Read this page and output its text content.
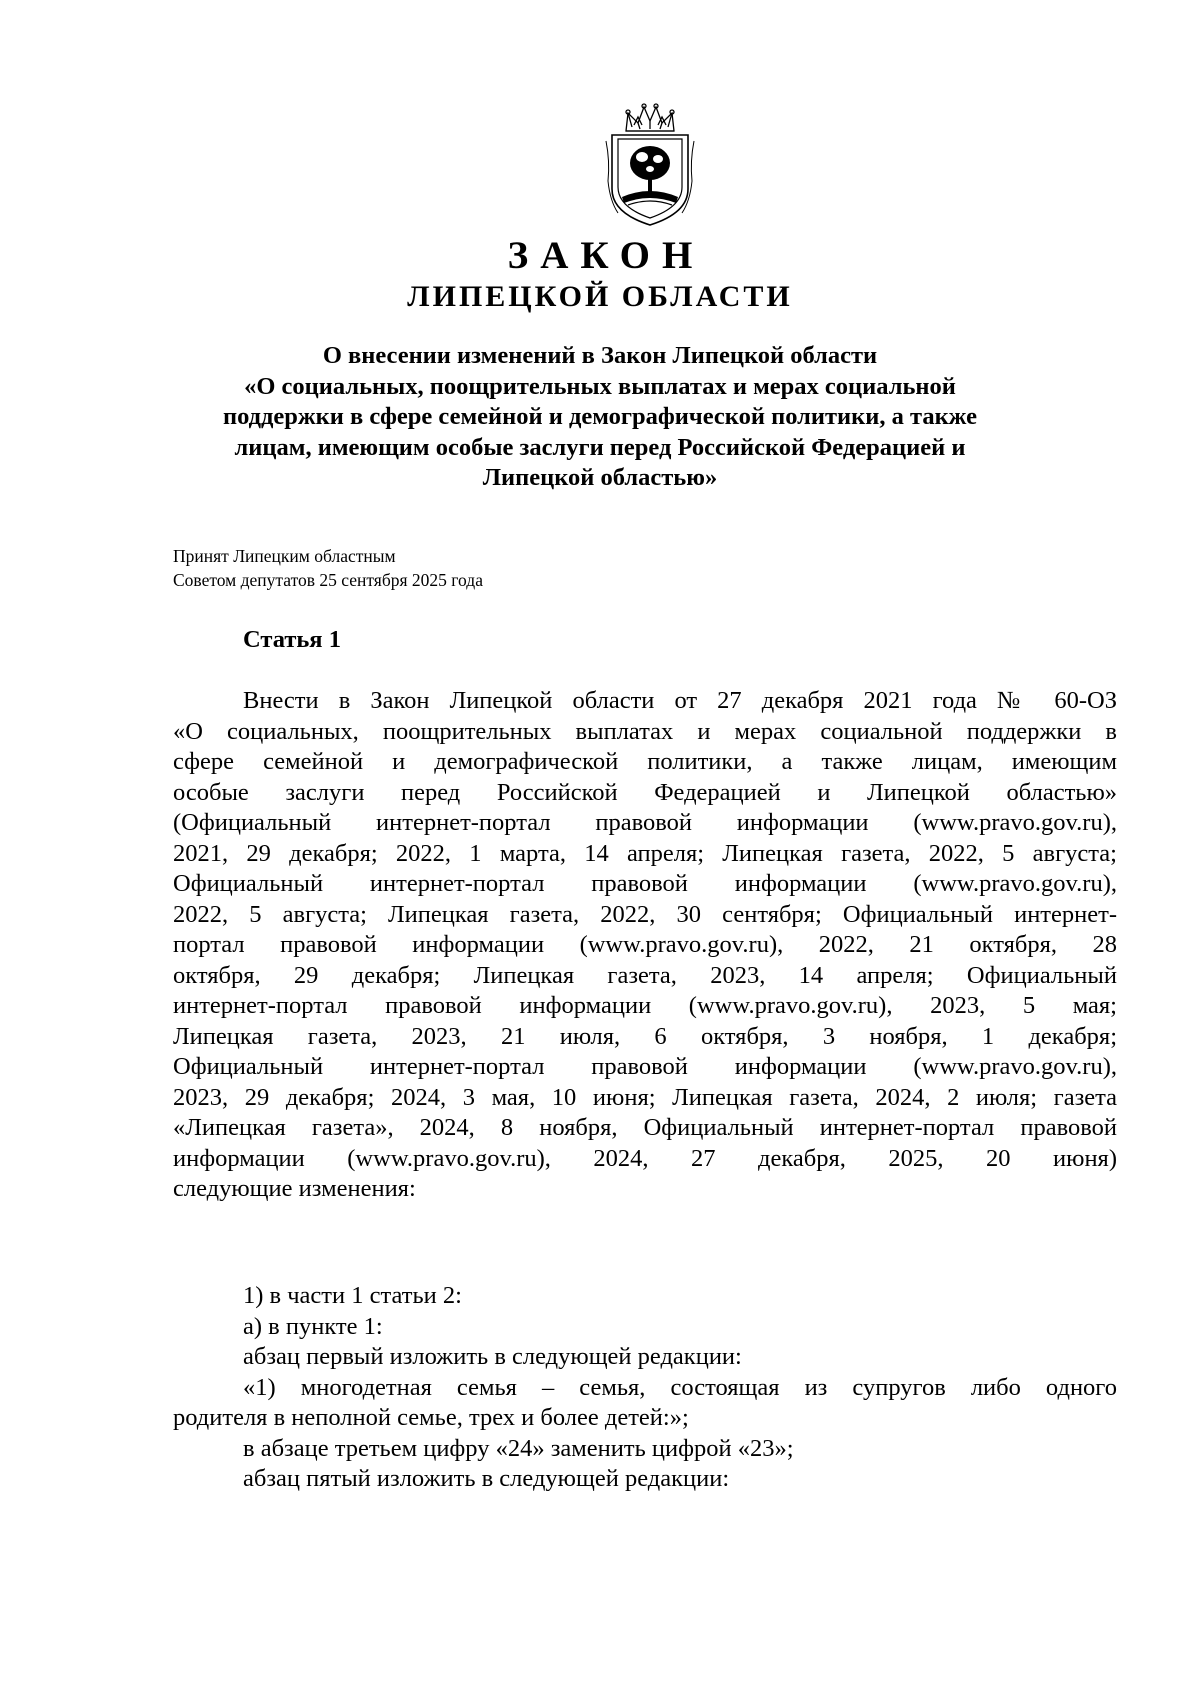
ЗАКОН
ЛИПЕЦКОЙ ОБЛАСТИ
О внесении изменений в Закон Липецкой области
«О социальных, поощрительных выплатах и мерах социальной
поддержки в сфере семейной и демографической политики, а также
лицам, имеющим особые заслуги перед Российской Федерацией и
Липецкой областью»
Принят Липецким областным
Советом депутатов 25 сентября 2025 года
Статья 1
Внести в Закон Липецкой области от 27 декабря 2021 года № 60-ОЗ
«О социальных, поощрительных выплатах и мерах социальной поддержки в
сфере семейной и демографической политики, а также лицам, имеющим
особые заслуги перед Российской Федерацией и Липецкой областью»
(Официальный интернет-портал правовой информации (www.pravo.gov.ru),
2021, 29 декабря; 2022, 1 марта, 14 апреля; Липецкая газета, 2022, 5 августа;
Официальный интернет-портал правовой информации (www.pravo.gov.ru),
2022, 5 августа; Липецкая газета, 2022, 30 сентября; Официальный интернет-
портал правовой информации (www.pravo.gov.ru), 2022, 21 октября, 28
октября, 29 декабря; Липецкая газета, 2023, 14 апреля; Официальный
интернет-портал правовой информации (www.pravo.gov.ru), 2023, 5 мая;
Липецкая газета, 2023, 21 июля, 6 октября, 3 ноября, 1 декабря;
Официальный интернет-портал правовой информации (www.pravo.gov.ru),
2023, 29 декабря; 2024, 3 мая, 10 июня; Липецкая газета, 2024, 2 июля; газета
«Липецкая газета», 2024, 8 ноября, Официальный интернет-портал правовой
информации (www.pravo.gov.ru), 2024, 27 декабря, 2025, 20 июня)
следующие изменения:
1) в части 1 статьи 2:
а) в пункте 1:
абзац первый изложить в следующей редакции:
«1) многодетная семья – семья, состоящая из супругов либо одного
родителя в неполной семье, трех и более детей:»;
в абзаце третьем цифру «24» заменить цифрой «23»;
абзац пятый изложить в следующей редакции:
